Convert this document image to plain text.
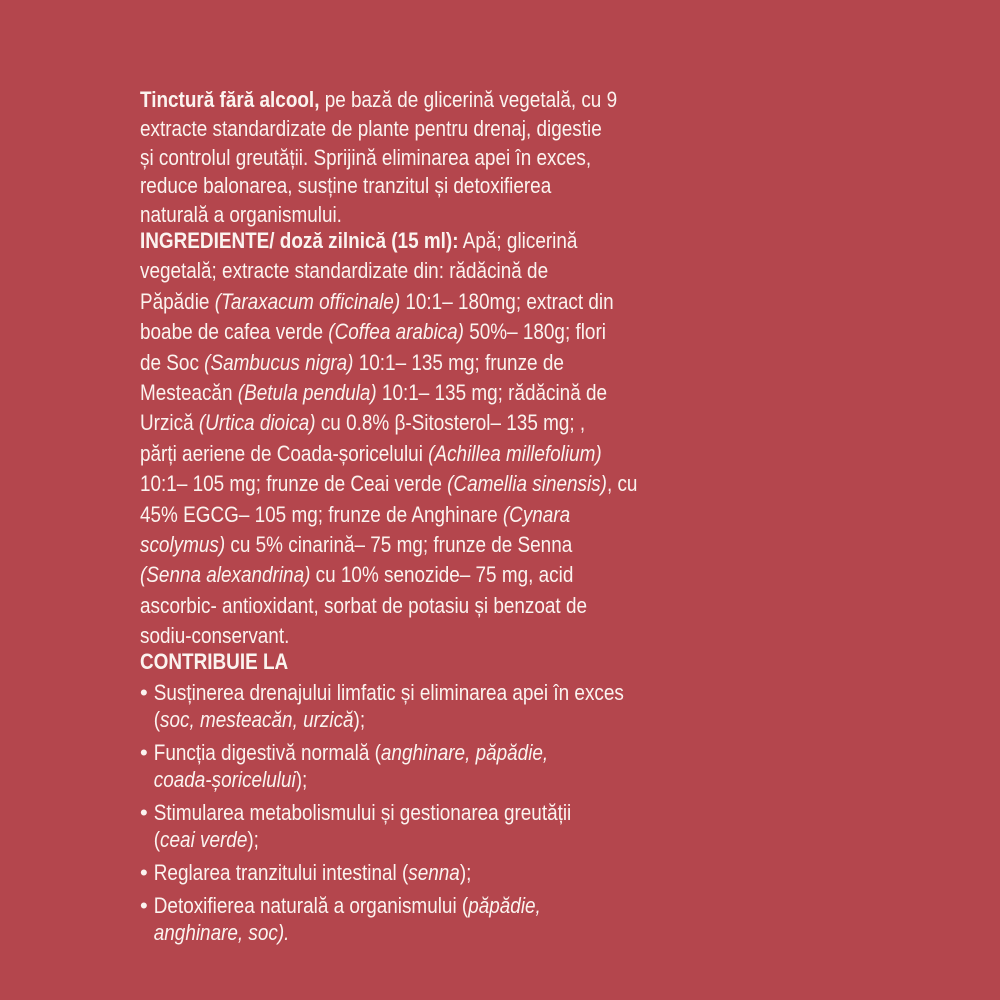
Tinctură fără alcool, pe bază de glicerină vegetală, cu 9
extracte standardizate de plante pentru drenaj, digestie
și controlul greutății. Sprijină eliminarea apei în exces,
reduce balonarea, susține tranzitul și detoxifierea
naturală a organismului.
INGREDIENTE/ doză zilnică (15 ml): Apă; glicerină
vegetală; extracte standardizate din: rădăcină de
Păpădie (Taraxacum officinale) 10:1– 180mg; extract din
boabe de cafea verde (Coffea arabica) 50%– 180g; flori
de Soc (Sambucus nigra) 10:1– 135 mg; frunze de
Mesteacăn (Betula pendula) 10:1– 135 mg; rădăcină de
Urzică (Urtica dioica) cu 0.8% β-Sitosterol– 135 mg; ,
părți aeriene de Coada-șoricelului (Achillea millefolium)
10:1– 105 mg; frunze de Ceai verde (Camellia sinensis), cu
45% EGCG– 105 mg; frunze de Anghinare (Cynara
scolymus) cu 5% cinarină– 75 mg; frunze de Senna
(Senna alexandrina) cu 10% senozide– 75 mg, acid
ascorbic- antioxidant, sorbat de potasiu și benzoat de
sodiu-conservant.
CONTRIBUIE LA
• Susținerea drenajului limfatic și eliminarea apei în exces
(soc, mesteacăn, urzică);
• Funcția digestivă normală (anghinare, păpădie,
coada-șoricelului);
• Stimularea metabolismului și gestionarea greutății
(ceai verde);
• Reglarea tranzitului intestinal (senna);
• Detoxifierea naturală a organismului (păpădie,
anghinare, soc).
